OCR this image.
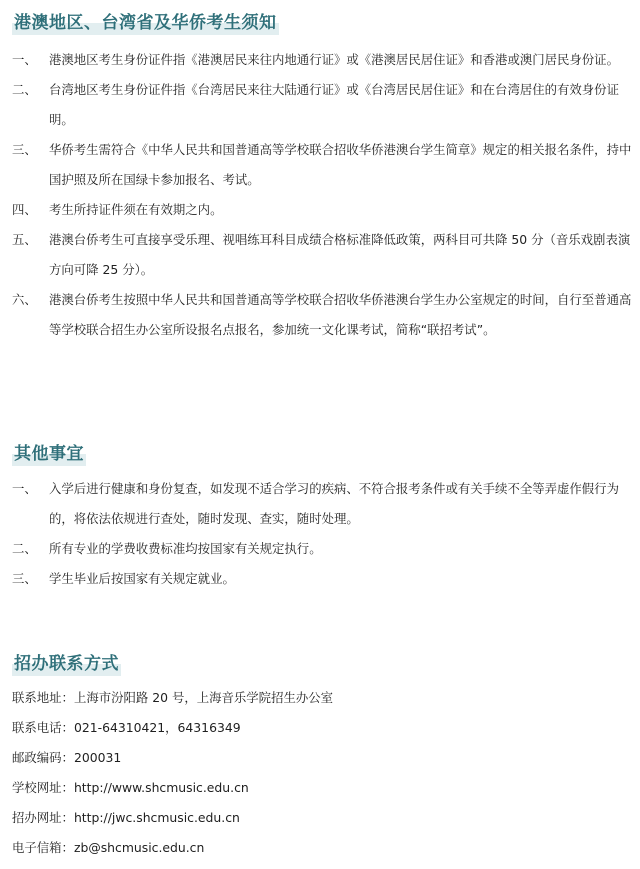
港澳地区、台湾省及华侨考生须知
一、 港澳地区考生身份证件指《港澳居民来往内地通行证》或《港澳居民居住证》和香港或澳门居民身份证。
二、 台湾地区考生身份证件指《台湾居民来往大陆通行证》或《台湾居民居住证》和在台湾居住的有效身份证明。
三、 华侨考生需符合《中华人民共和国普通高等学校联合招收华侨港澳台学生简章》规定的相关报名条件，持中国护照及所在国绿卡参加报名、考试。
四、 考生所持证件须在有效期之内。
五、 港澳台侨考生可直接享受乐理、视唱练耳科目成绩合格标准降低政策，两科目可共降 50 分（音乐戏剧表演方向可降 25 分）。
六、 港澳台侨考生按照中华人民共和国普通高等学校联合招收华侨港澳台学生办公室规定的时间，自行至普通高等学校联合招生办公室所设报名点报名，参加统一文化课考试，简称“联招考试”。
其他事宜
一、 入学后进行健康和身份复查，如发现不适合学习的疾病、不符合报考条件或有关手续不全等弄虚作假行为的，将依法依规进行查处，随时发现、查实，随时处理。
二、 所有专业的学费收费标准均按国家有关规定执行。
三、 学生毕业后按国家有关规定就业。
招办联系方式
联系地址：上海市汾阳路 20 号，上海音乐学院招生办公室
联系电话：021-64310421，64316349
邮政编码：200031
学校网址：http://www.shcmusic.edu.cn
招办网址：http://jwc.shcmusic.edu.cn
电子信箱：zb@shcmusic.edu.cn
